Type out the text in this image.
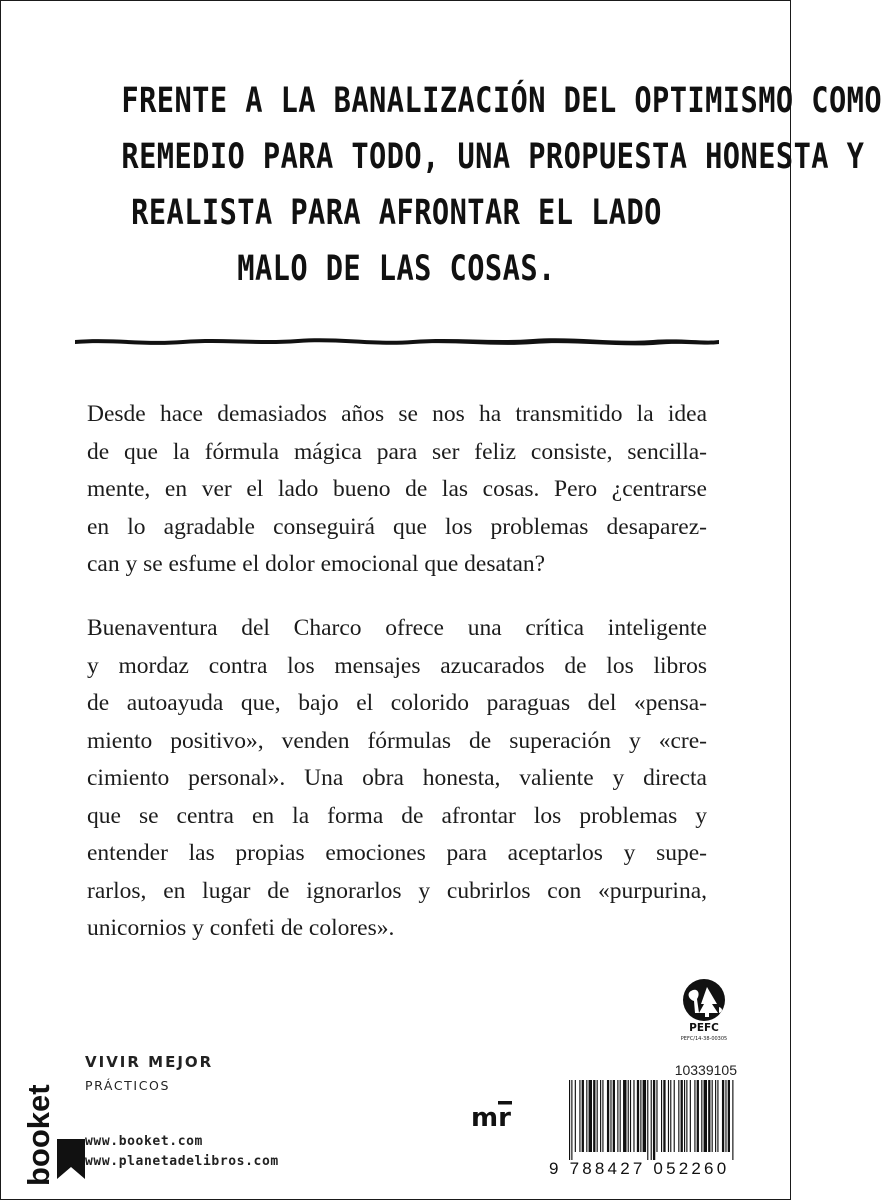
FRENTE A LA BANALIZACIÓN DEL OPTIMISMO COMO
REMEDIO PARA TODO, UNA PROPUESTA HONESTA Y
REALISTA PARA AFRONTAR EL LADO
MALO DE LAS COSAS.
Desde hace demasiados años se nos ha transmitido la idea
de que la fórmula mágica para ser feliz consiste, sencilla-
mente, en ver el lado bueno de las cosas. Pero ¿centrarse
en lo agradable conseguirá que los problemas desaparez-
can y se esfume el dolor emocional que desatan?
Buenaventura del Charco ofrece una crítica inteligente
y mordaz contra los mensajes azucarados de los libros
de autoayuda que, bajo el colorido paraguas del «pensa-
miento positivo», venden fórmulas de superación y «cre-
cimiento personal». Una obra honesta, valiente y directa
que se centra en la forma de afrontar los problemas y
entender las propias emociones para aceptarlos y supe-
rarlos, en lugar de ignorarlos y cubrirlos con «purpurina,
unicornios y confeti de colores».
booket
VIVIR MEJOR
PRÁCTICOS
www.booket.com
www.planetadelibros.com
mr
PEFC
PEFC/14-38-00305
10339105
9 788427 052260
